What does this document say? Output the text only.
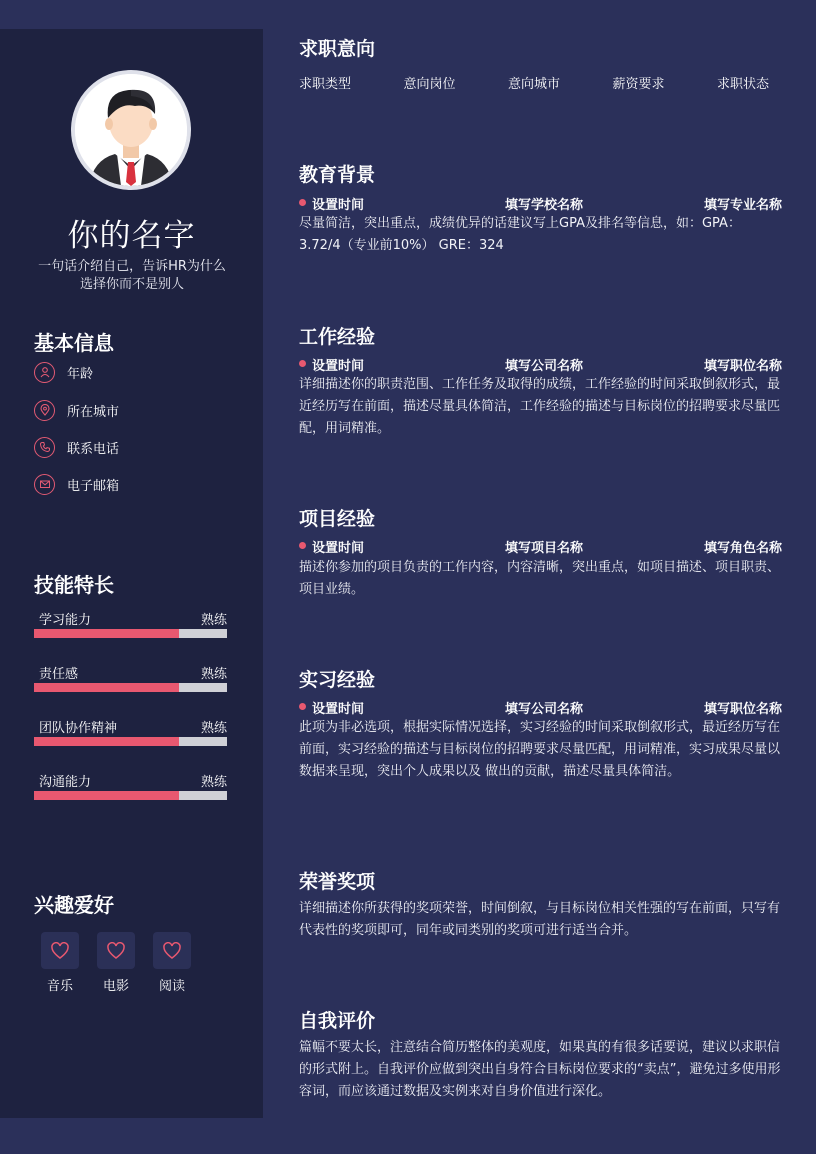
你的名字
一句话介绍自己，告诉HR为什么选择你而不是别人
基本信息
年龄
所在城市
联系电话
电子邮箱
技能特长
学习能力	熟练
责任感	熟练
团队协作精神	熟练
沟通能力	熟练
兴趣爱好
音乐	电影	阅读
求职意向
求职类型	意向岗位	意向城市	薪资要求	求职状态
教育背景
设置时间	填写学校名称	填写专业名称
尽量简洁，突出重点，成绩优异的话建议写上GPA及排名等信息，如：GPA：3.72/4（专业前10%） GRE：324
工作经验
设置时间	填写公司名称	填写职位名称
详细描述你的职责范围、工作任务及取得的成绩，工作经验的时间采取倒叙形式，最近经历写在前面，描述尽量具体简洁，工作经验的描述与目标岗位的招聘要求尽量匹配，用词精准。
项目经验
设置时间	填写项目名称	填写角色名称
描述你参加的项目负责的工作内容，内容清晰，突出重点，如项目描述、项目职责、项目业绩。
实习经验
设置时间	填写公司名称	填写职位名称
此项为非必选项，根据实际情况选择，实习经验的时间采取倒叙形式，最近经历写在前面，实习经验的描述与目标岗位的招聘要求尽量匹配，用词精准，实习成果尽量以数据来呈现，突出个人成果以及 做出的贡献，描述尽量具体简洁。
荣誉奖项
详细描述你所获得的奖项荣誉，时间倒叙，与目标岗位相关性强的写在前面，只写有代表性的奖项即可，同年或同类别的奖项可进行适当合并。
自我评价
篇幅不要太长，注意结合简历整体的美观度，如果真的有很多话要说，建议以求职信的形式附上。自我评价应做到突出自身符合目标岗位要求的“卖点”，避免过多使用形容词，而应该通过数据及实例来对自身价值进行深化。
